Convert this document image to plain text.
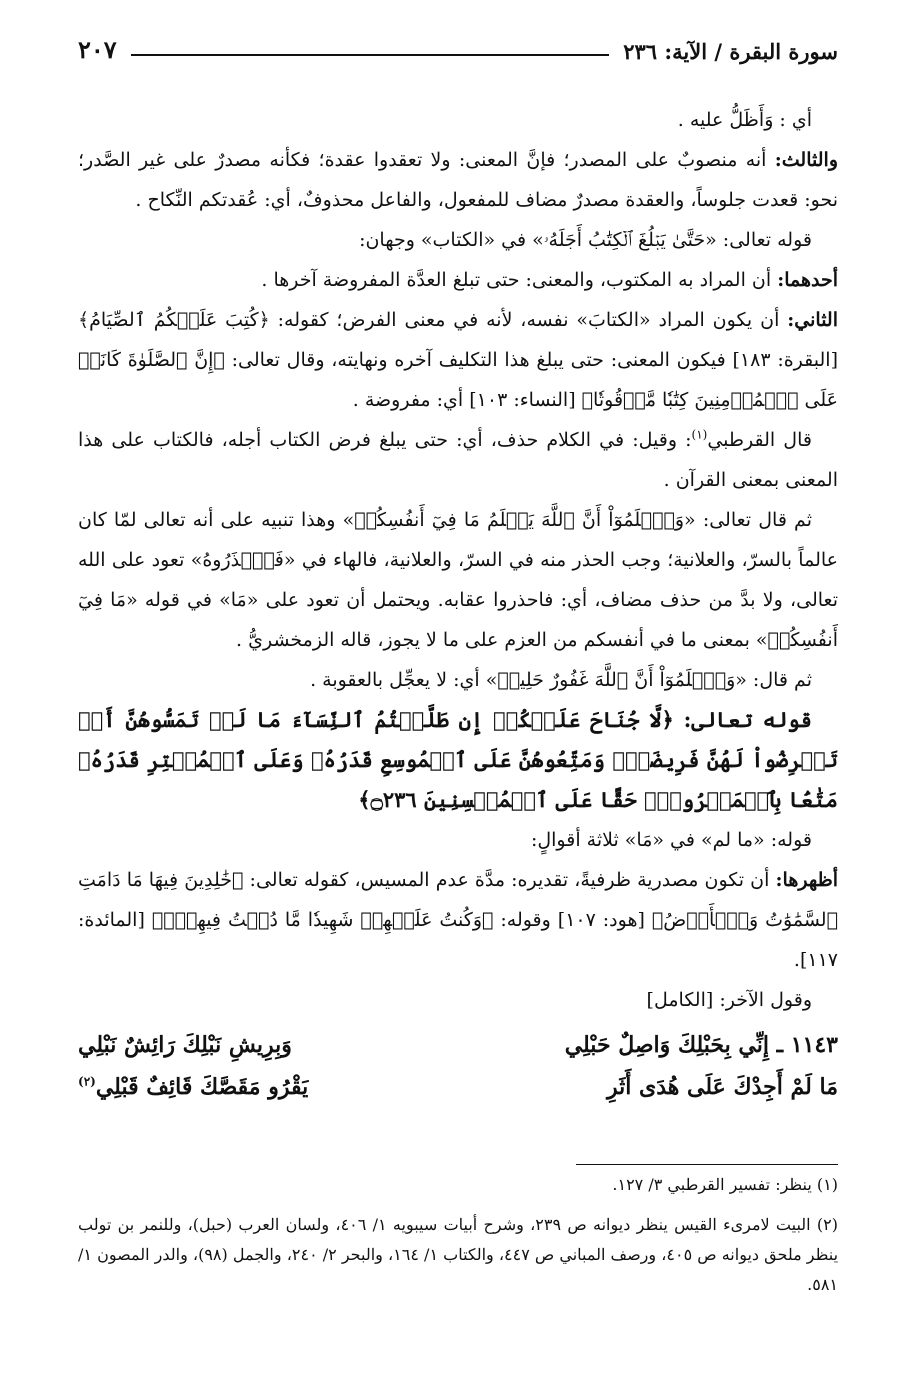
سورة البقرة / الآية: ٢٣٦
٢٠٧

أي : وَأَظَلُّ عليه .

والثالث: أنه منصوبٌ على المصدر؛ فإنَّ المعنى: ولا تعقدوا عقدة؛ فكأنه مصدرٌ على غير الصَّدر؛ نحو: قعدت جلوساً، والعقدة مصدرٌ مضاف للمفعول، والفاعل محذوفٌ، أي: عُقدتكم النِّكاح .

قوله تعالى: «حَتَّىٰ يَبۡلُغَ ٱلۡكِتَٰبُ أَجَلَهُۥ» في «الكتاب» وجهان:

أحدهما: أن المراد به المكتوب، والمعنى: حتى تبلغ العدَّة المفروضة آخرها .

الثاني: أن يكون المراد «الكتابَ» نفسه، لأنه في معنى الفرض؛ كقوله: ﴿كُتِبَ عَلَيۡكُمُ ٱلصِّيَامُ﴾ [البقرة: ١٨٣] فيكون المعنى: حتى يبلغ هذا التكليف آخره ونهايته، وقال تعالى: ﴿إِنَّ ٱلصَّلَوٰةَ كَانَتۡ عَلَى ٱلۡمُؤۡمِنِينَ كِتَٰبٗا مَّوۡقُوتٗا﴾ [النساء: ١٠٣] أي: مفروضة .

قال القرطبي$^{(١)}$: وقيل: في الكلام حذف، أي: حتى يبلغ فرض الكتاب أجله، فالكتاب على هذا المعنى بمعنى القرآن .

ثم قال تعالى: «وَٱعۡلَمُوٓاْ أَنَّ ٱللَّهَ يَعۡلَمُ مَا فِيٓ أَنفُسِكُمۡ» وهذا تنبيه على أنه تعالى لمّا كان عالماً بالسرّ، والعلانية؛ وجب الحذر منه في السرّ، والعلانية، فالهاء في «فَٱحۡذَرُوهُ» تعود على الله تعالى، ولا بدَّ من حذف مضاف، أي: فاحذروا عقابه. ويحتمل أن تعود على «مَا» في قوله «مَا فِيٓ أَنفُسِكُمۡ» بمعنى ما في أنفسكم من العزم على ما لا يجوز، قاله الزمخشريُّ .

ثم قال: «وَٱعۡلَمُوٓاْ أَنَّ ٱللَّهَ غَفُورٌ حَلِيمٞ» أي: لا يعجِّل بالعقوبة .

قوله تعالى: ﴿لَّا جُنَاحَ عَلَيۡكُمۡ إِن طَلَّقۡتُمُ ٱلنِّسَآءَ مَا لَمۡ تَمَسُّوهُنَّ أَوۡ تَفۡرِضُواْ لَهُنَّ فَرِيضَةٗۚ وَمَتِّعُوهُنَّ عَلَى ٱلۡمُوسِعِ قَدَرُهُۥ وَعَلَى ٱلۡمُقۡتِرِ قَدَرُهُۥ مَتَٰعَۢا بِٱلۡمَعۡرُوفِۖ حَقًّا عَلَى ٱلۡمُحۡسِنِينَ ۝٢٣٦﴾

قوله: «ما لم» في «مَا» ثلاثة أقوالٍ:

أظهرها: أن تكون مصدرية ظرفيةً، تقديره: مدَّة عدم المسيس، كقوله تعالى: ﴿خَٰلِدِينَ فِيهَا مَا دَامَتِ ٱلسَّمَٰوَٰتُ وَٱلۡأَرۡضُ﴾ [هود: ١٠٧] وقوله: ﴿وَكُنتُ عَلَيۡهِمۡ شَهِيدٗا مَّا دُمۡتُ فِيهِمۡۖ﴾ [المائدة: ١١٧].

وقول الآخر: [الكامل]

١١٤٣ ـ إِنِّي بِحَبْلِكَ وَاصِلٌ حَبْلِي
وَبِرِيشِ نَبْلِكَ رَائِشٌ نَبْلِي
مَا لَمْ أَجِدْكَ عَلَى هُدَى أَثَرِ
يَقْرُو مَقَصَّكَ قَائِفٌ قَبْلِي$^{(٢)}$

(١) ينظر: تفسير القرطبي ٣/ ١٢٧.

(٢) البيت لامرىء القيس ينظر ديوانه ص ٢٣٩، وشرح أبيات سيبويه ١/ ٤٠٦، ولسان العرب (حبل)، وللنمر بن تولب ينظر ملحق ديوانه ص ٤٠٥، ورصف المباني ص ٤٤٧، والكتاب ١/ ١٦٤، والبحر ٢/ ٢٤٠، والجمل (٩٨)، والدر المصون ١/ ٥٨١.
